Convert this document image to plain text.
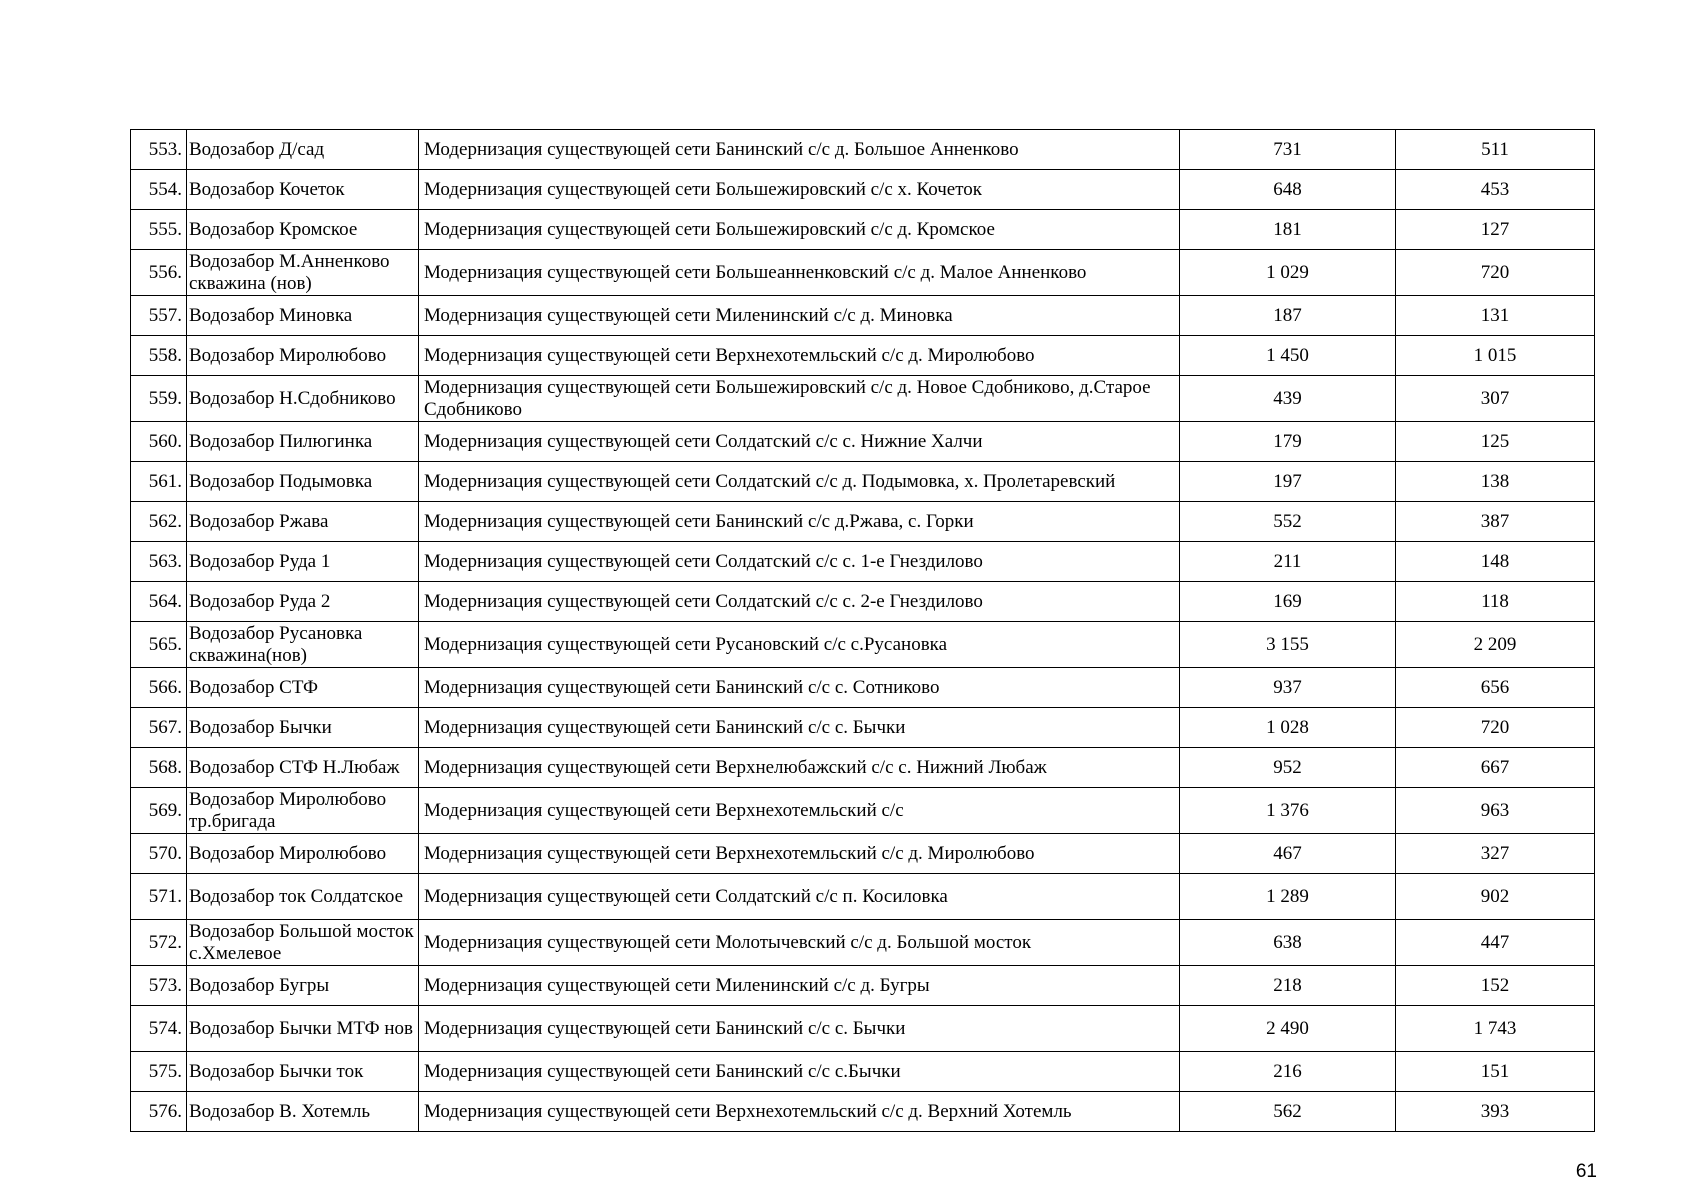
553.	Водозабор Д/сад	Модернизация существующей сети Банинский с/с д. Большое Анненково	731	511
554.	Водозабор Кочеток	Модернизация существующей сети Большежировский с/с х. Кочеток	648	453
555.	Водозабор Кромское	Модернизация существующей сети Большежировский с/с д. Кромское	181	127
556.	Водозабор М.Анненково скважина (нов)	Модернизация существующей сети Большеанненковский с/с д. Малое Анненково	1 029	720
557.	Водозабор Миновка	Модернизация существующей сети Миленинский с/с д. Миновка	187	131
558.	Водозабор Миролюбово	Модернизация существующей сети Верхнехотемльский с/с д. Миролюбово	1 450	1 015
559.	Водозабор Н.Сдобниково	Модернизация существующей сети Большежировский с/с д. Новое Сдобниково, д.Старое Сдобниково	439	307
560.	Водозабор Пилюгинка	Модернизация существующей сети Солдатский с/с с. Нижние Халчи	179	125
561.	Водозабор Подымовка	Модернизация существующей сети Солдатский с/с д. Подымовка, х. Пролетаревский	197	138
562.	Водозабор Ржава	Модернизация существующей сети Банинский с/с д.Ржава, с. Горки	552	387
563.	Водозабор Руда 1	Модернизация существующей сети Солдатский с/с с. 1-е Гнездилово	211	148
564.	Водозабор Руда 2	Модернизация существующей сети Солдатский с/с с. 2-е Гнездилово	169	118
565.	Водозабор Русановка скважина(нов)	Модернизация существующей сети Русановский с/с с.Русановка	3 155	2 209
566.	Водозабор СТФ	Модернизация существующей сети Банинский с/с с. Сотниково	937	656
567.	Водозабор Бычки	Модернизация существующей сети Банинский с/с с. Бычки	1 028	720
568.	Водозабор СТФ Н.Любаж	Модернизация существующей сети Верхнелюбажский с/с с. Нижний Любаж	952	667
569.	Водозабор Миролюбово тр.бригада	Модернизация существующей сети Верхнехотемльский с/с	1 376	963
570.	Водозабор Миролюбово	Модернизация существующей сети Верхнехотемльский с/с д. Миролюбово	467	327
571.	Водозабор ток Солдатское	Модернизация существующей сети Солдатский с/с п. Косиловка	1 289	902
572.	Водозабор Большой мосток с.Хмелевое	Модернизация существующей сети Молотычевский с/с д. Большой мосток	638	447
573.	Водозабор Бугры	Модернизация существующей сети Миленинский с/с д. Бугры	218	152
574.	Водозабор Бычки МТФ нов	Модернизация существующей сети Банинский с/с с. Бычки	2 490	1 743
575.	Водозабор Бычки ток	Модернизация существующей сети Банинский с/с с.Бычки	216	151
576.	Водозабор В. Хотемль	Модернизация существующей сети Верхнехотемльский с/с д. Верхний Хотемль	562	393
61
